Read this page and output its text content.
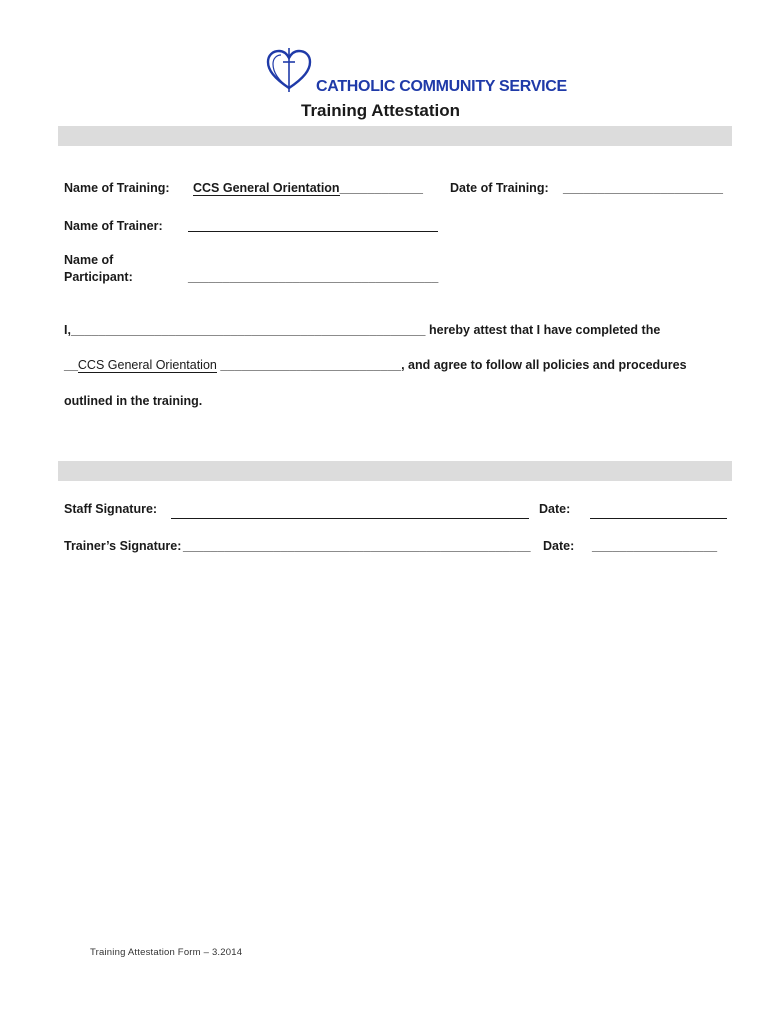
CATHOLIC COMMUNITY SERVICE
Training Attestation
Name of Training: CCS General Orientation____________ Date of Training: _______________________
Name of Trainer:
Name of
Participant:	____________________________________
I,___________________________________________________ hereby attest that I have completed the
__CCS General Orientation __________________________, and agree to follow all policies and procedures
outlined in the training.
Staff Signature:	Date:
Trainer’s Signature: __________________________________________________ Date: __________________
Training Attestation Form – 3.2014
